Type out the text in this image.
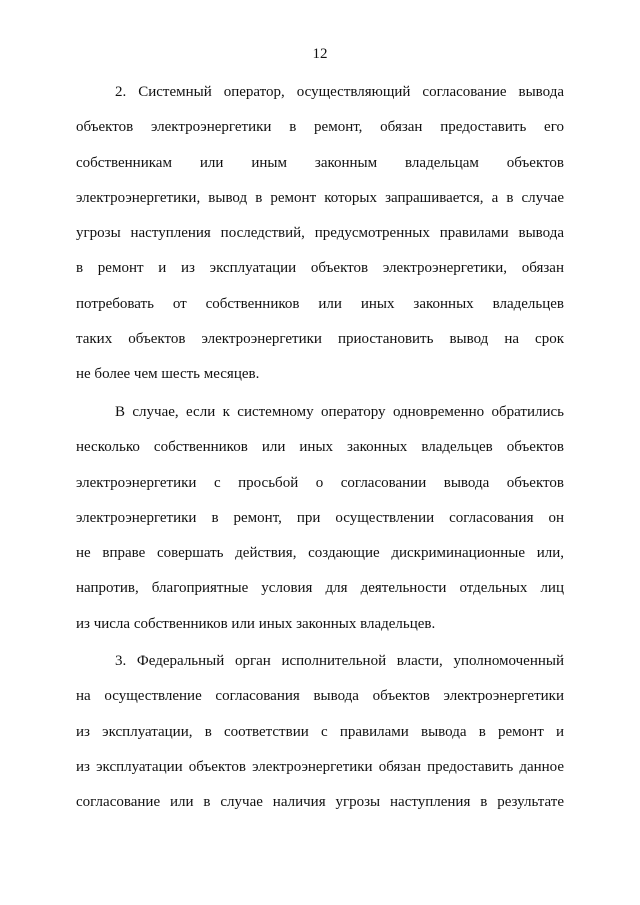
12
2. Системный оператор, осуществляющий согласование вывода
объектов электроэнергетики в ремонт, обязан предоставить его
собственникам или иным законным владельцам объектов
электроэнергетики, вывод в ремонт которых запрашивается, а в случае
угрозы наступления последствий, предусмотренных правилами вывода
в ремонт и из эксплуатации объектов электроэнергетики, обязан
потребовать от собственников или иных законных владельцев
таких объектов электроэнергетики приостановить вывод на срок
не более чем шесть месяцев.
В случае, если к системному оператору одновременно обратились
несколько собственников или иных законных владельцев объектов
электроэнергетики с просьбой о согласовании вывода объектов
электроэнергетики в ремонт, при осуществлении согласования он
не вправе совершать действия, создающие дискриминационные или,
напротив, благоприятные условия для деятельности отдельных лиц
из числа собственников или иных законных владельцев.
3. Федеральный орган исполнительной власти, уполномоченный
на осуществление согласования вывода объектов электроэнергетики
из эксплуатации, в соответствии с правилами вывода в ремонт и
из эксплуатации объектов электроэнергетики обязан предоставить данное
согласование или в случае наличия угрозы наступления в результате
